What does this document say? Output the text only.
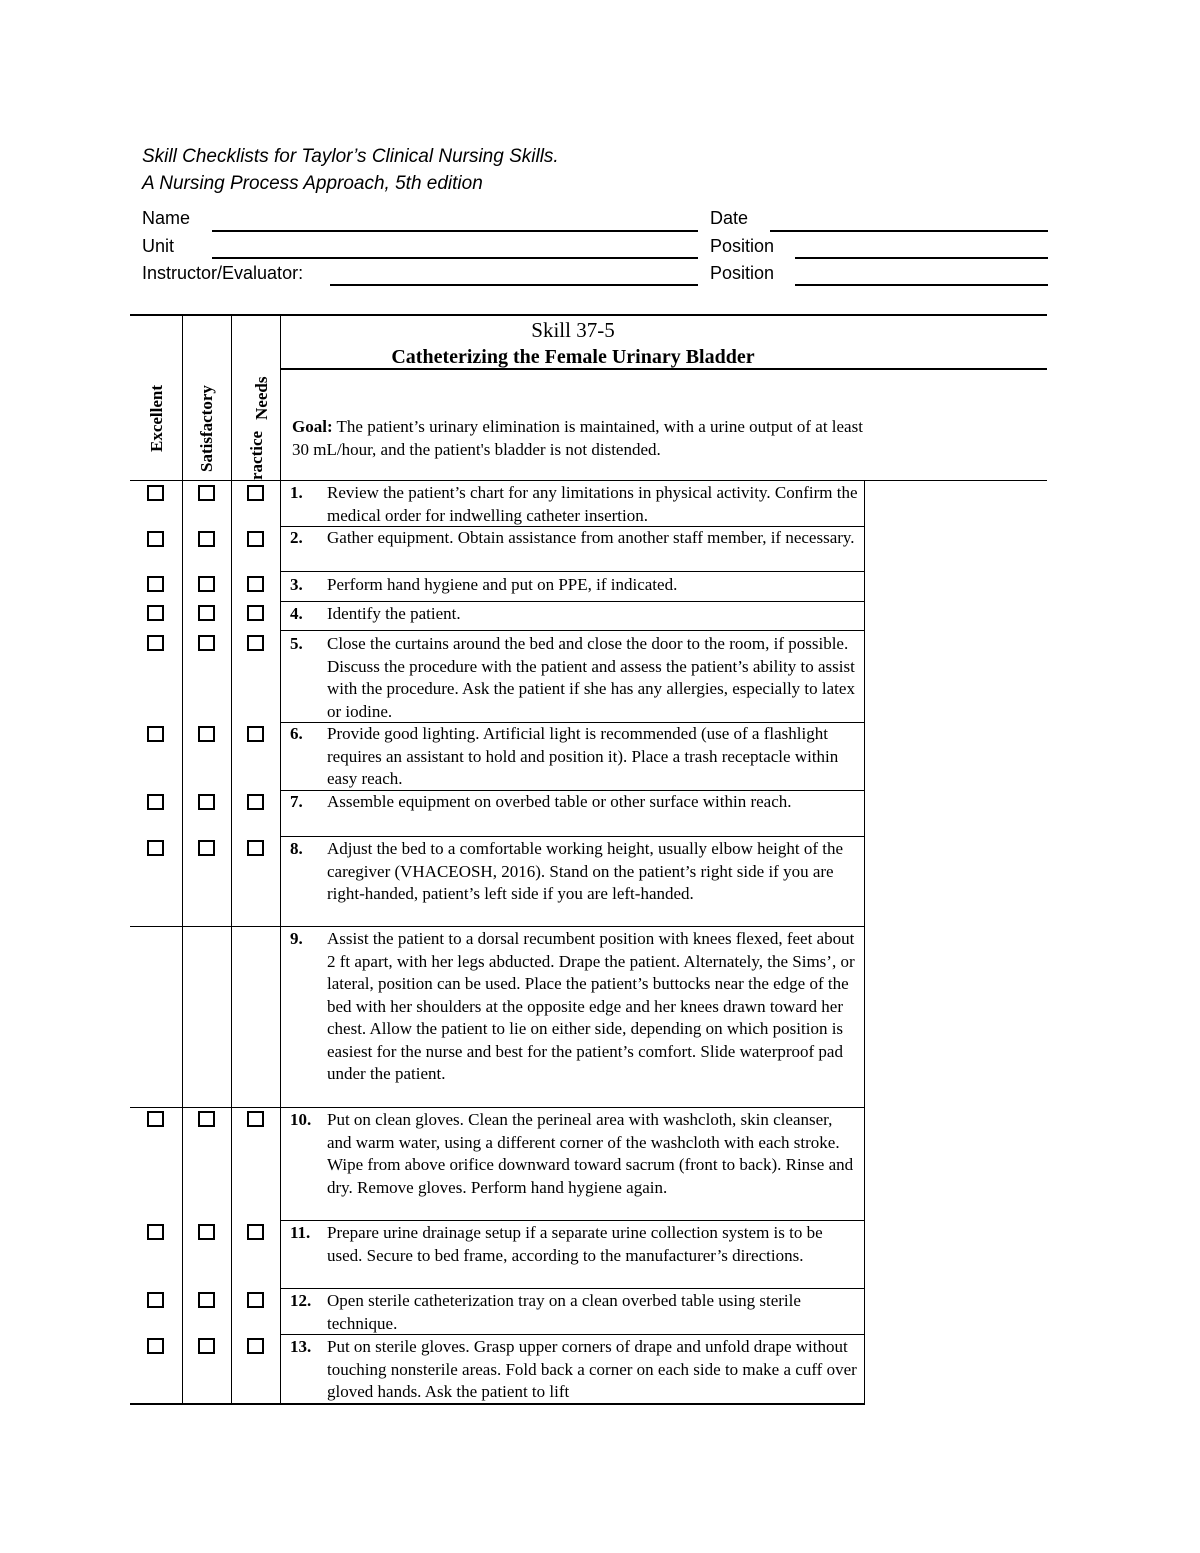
Skill Checklists for Taylor’s Clinical Nursing Skills.
A Nursing Process Approach, 5th edition
Name	Date
Unit	Position
Instructor/Evaluator:	Position
Skill 37-5
Catheterizing the Female Urinary Bladder
Excellent Satisfactory ractice
Needs
Goal: The patient’s urinary elimination is maintained, with a urine output of at least 30 mL/hour, and the patient's bladder is not distended.
1. Review the patient’s chart for any limitations in physical activity. Confirm the medical order for indwelling catheter insertion.
2. Gather equipment. Obtain assistance from another staff member, if necessary.
3. Perform hand hygiene and put on PPE, if indicated.
4. Identify the patient.
5. Close the curtains around the bed and close the door to the room, if possible. Discuss the procedure with the patient and assess the patient’s ability to assist with the procedure. Ask the patient if she has any allergies, especially to latex or iodine.
6. Provide good lighting. Artificial light is recommended (use of a flashlight requires an assistant to hold and position it). Place a trash receptacle within easy reach.
7. Assemble equipment on overbed table or other surface within reach.
8. Adjust the bed to a comfortable working height, usually elbow height of the caregiver (VHACEOSH, 2016). Stand on the patient’s right side if you are right-handed, patient’s left side if you are left-handed.
9. Assist the patient to a dorsal recumbent position with knees flexed, feet about 2 ft apart, with her legs abducted. Drape the patient. Alternately, the Sims’, or lateral, position can be used. Place the patient’s buttocks near the edge of the bed with her shoulders at the opposite edge and her knees drawn toward her chest. Allow the patient to lie on either side, depending on which position is easiest for the nurse and best for the patient’s comfort. Slide waterproof pad under the patient.
10. Put on clean gloves. Clean the perineal area with washcloth, skin cleanser, and warm water, using a different corner of the washcloth with each stroke. Wipe from above orifice downward toward sacrum (front to back). Rinse and dry. Remove gloves. Perform hand hygiene again.
11. Prepare urine drainage setup if a separate urine collection system is to be used. Secure to bed frame, according to the manufacturer’s directions.
12. Open sterile catheterization tray on a clean overbed table using sterile technique.
13. Put on sterile gloves. Grasp upper corners of drape and unfold drape without touching nonsterile areas. Fold back a corner on each side to make a cuff over gloved hands. Ask the patient to lift
